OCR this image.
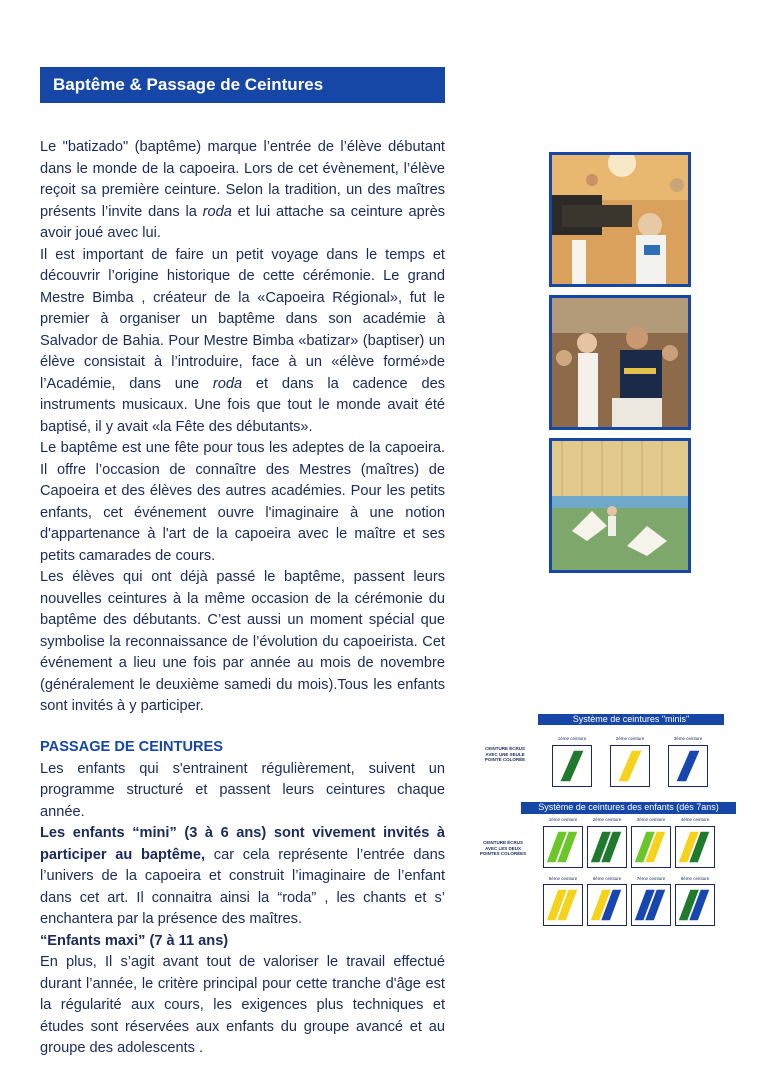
Baptême & Passage de Ceintures

Le "batizado" (baptême) marque l’entrée de l’élève débutant dans le monde de la capoeira. Lors de cet évènement, l’élève reçoit sa première ceinture. Selon la tradition, un des maîtres présents l’invite dans la roda et lui attache sa ceinture après avoir joué avec lui.

Il est important de faire un petit voyage dans le temps et découvrir l’origine historique de cette cérémonie. Le grand Mestre Bimba , créateur de la «Capoeira Régional», fut le premier à organiser un baptême dans son académie à Salvador de Bahia. Pour Mestre Bimba «batizar» (baptiser) un élève consistait à l’introduire, face à un «élève formé»de l’Académie, dans une roda et dans la cadence des instruments musicaux. Une fois que tout le monde avait été baptisé, il y avait «la Fête des débutants».

Le baptême est une fête pour tous les adeptes de la capoeira. Il offre l’occasion de connaître des Mestres (maîtres) de Capoeira et des élèves des autres académies. Pour les petits enfants, cet événement ouvre l'imaginaire à une notion d'appartenance à l'art de la capoeira avec le maître et ses petits camarades de cours.

Les élèves qui ont déjà passé le baptême, passent leurs nouvelles ceintures à la même occasion de la cérémonie du baptême des débutants. C’est aussi un moment spécial que symbolise la reconnaissance de l’évolution du capoeirista. Cet événement a lieu une fois par année au mois de novembre (généralement le deuxième samedi du mois).Tous les enfants sont invités à y participer.

PASSAGE DE CEINTURES

Les enfants qui s'entrainent régulièrement, suivent un programme structuré et passent leurs ceintures chaque année.

Les enfants “mini” (3 à 6 ans) sont vivement invités à participer au baptême, car cela représente l’entrée dans l’univers de la capoeira et construit l’imaginaire de l’enfant dans cet art. Il connaitra ainsi la “roda” , les chants et s’ enchantera par la présence des maîtres.

“Enfants maxi” (7 à 11 ans)

En plus, Il s’agit avant tout de valoriser le travail effectué durant l’année, le critère principal pour cette tranche d'âge est la régularité aux cours, les exigences plus techniques et études sont réservées aux enfants du groupe avancé et au groupe des adolescents .

Système de ceintures "minis"
CEINTURE ÉCRUS AVEC UNE SEULE POINTE COLORÉE
1ème ceinture	2ème ceinture	3ème ceinture
Système de ceintures des enfants (dés 7ans)
CEINTURE ÉCRUS AVEC LES DEUX POINTES COLORÉES
1ème ceinture	2ème ceinture	3ème ceinture	4ème ceinture
5ème ceinture	6ème ceinture	7ème ceinture	8ème ceinture
